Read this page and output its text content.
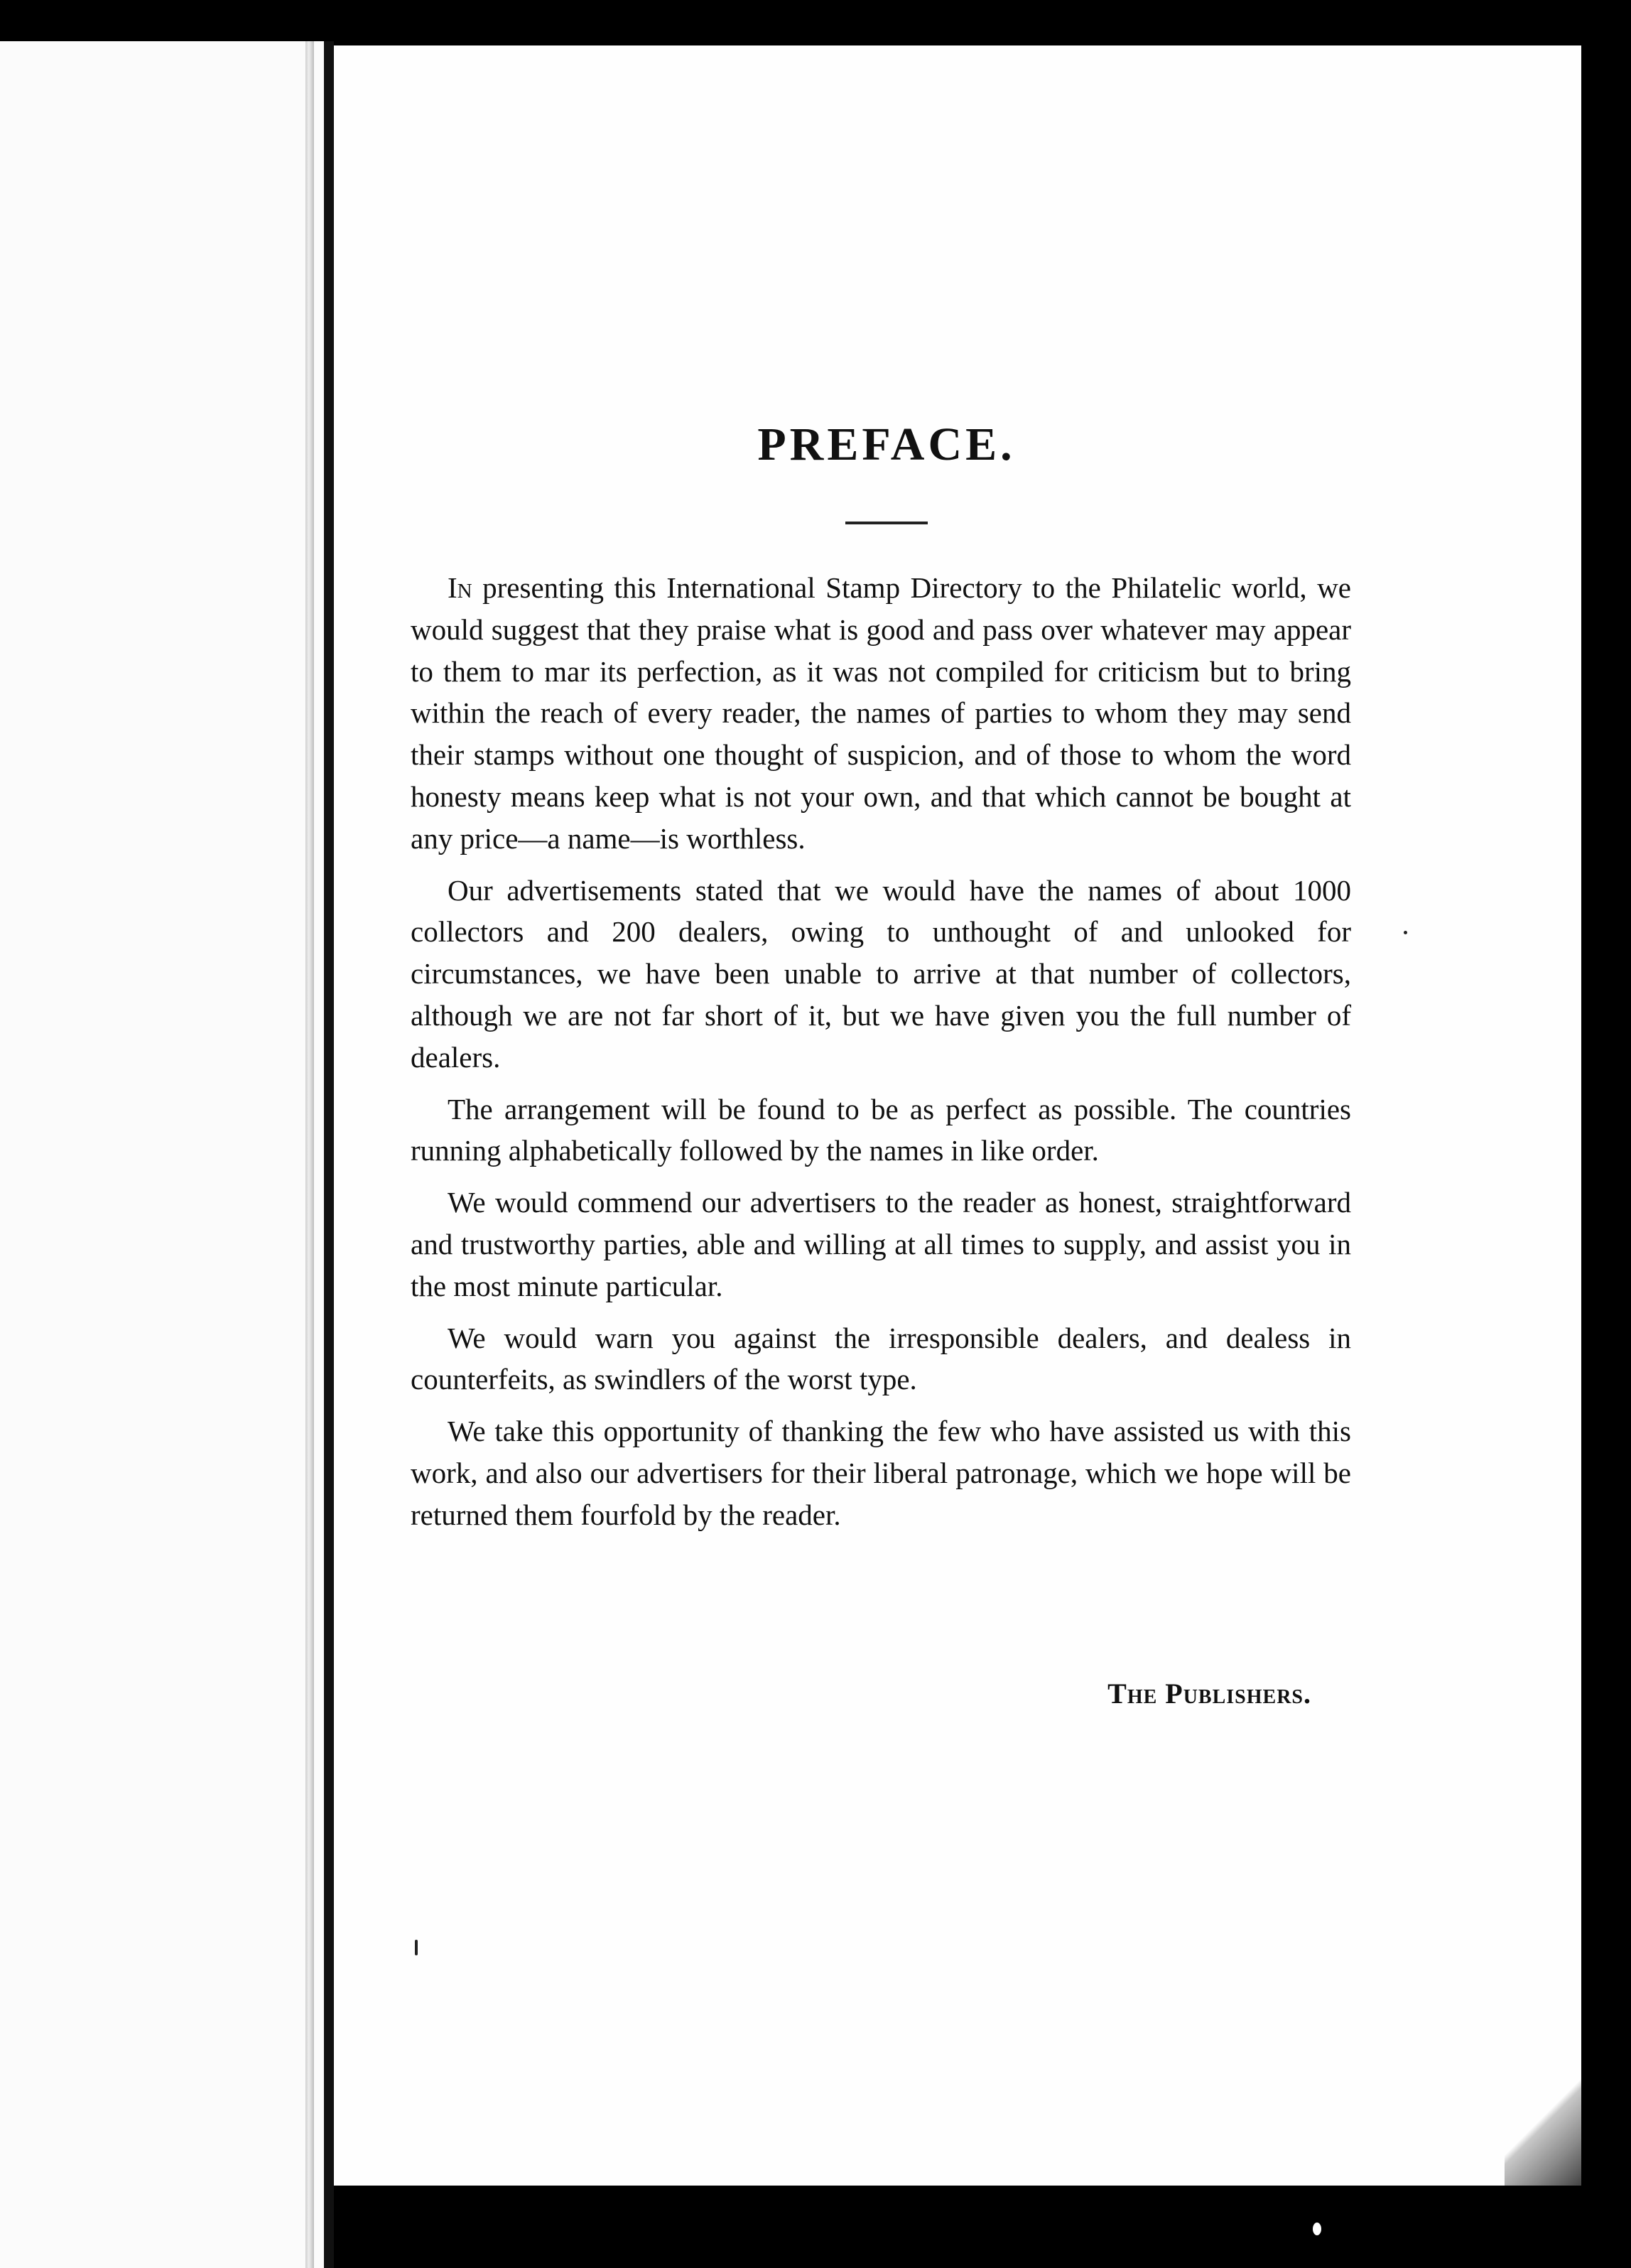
PREFACE.

In presenting this International Stamp Directory to the Philatelic world, we would suggest that they praise what is good and pass over whatever may appear to them to mar its perfection, as it was not compiled for criticism but to bring within the reach of every reader, the names of parties to whom they may send their stamps without one thought of suspicion, and of those to whom the word honesty means keep what is not your own, and that which cannot be bought at any price—a name—is worthless.

Our advertisements stated that we would have the names of about 1000 collectors and 200 dealers, owing to unthought of and unlooked for circumstances, we have been unable to arrive at that number of collectors, although we are not far short of it, but we have given you the full number of dealers.

The arrangement will be found to be as perfect as possible. The countries running alphabetically followed by the names in like order.

We would commend our advertisers to the reader as honest, straightforward and trustworthy parties, able and willing at all times to supply, and assist you in the most minute particular.

We would warn you against the irresponsible dealers, and dealess in counterfeits, as swindlers of the worst type.

We take this opportunity of thanking the few who have assisted us with this work, and also our advertisers for their liberal patronage, which we hope will be returned them fourfold by the reader.

The Publishers.
